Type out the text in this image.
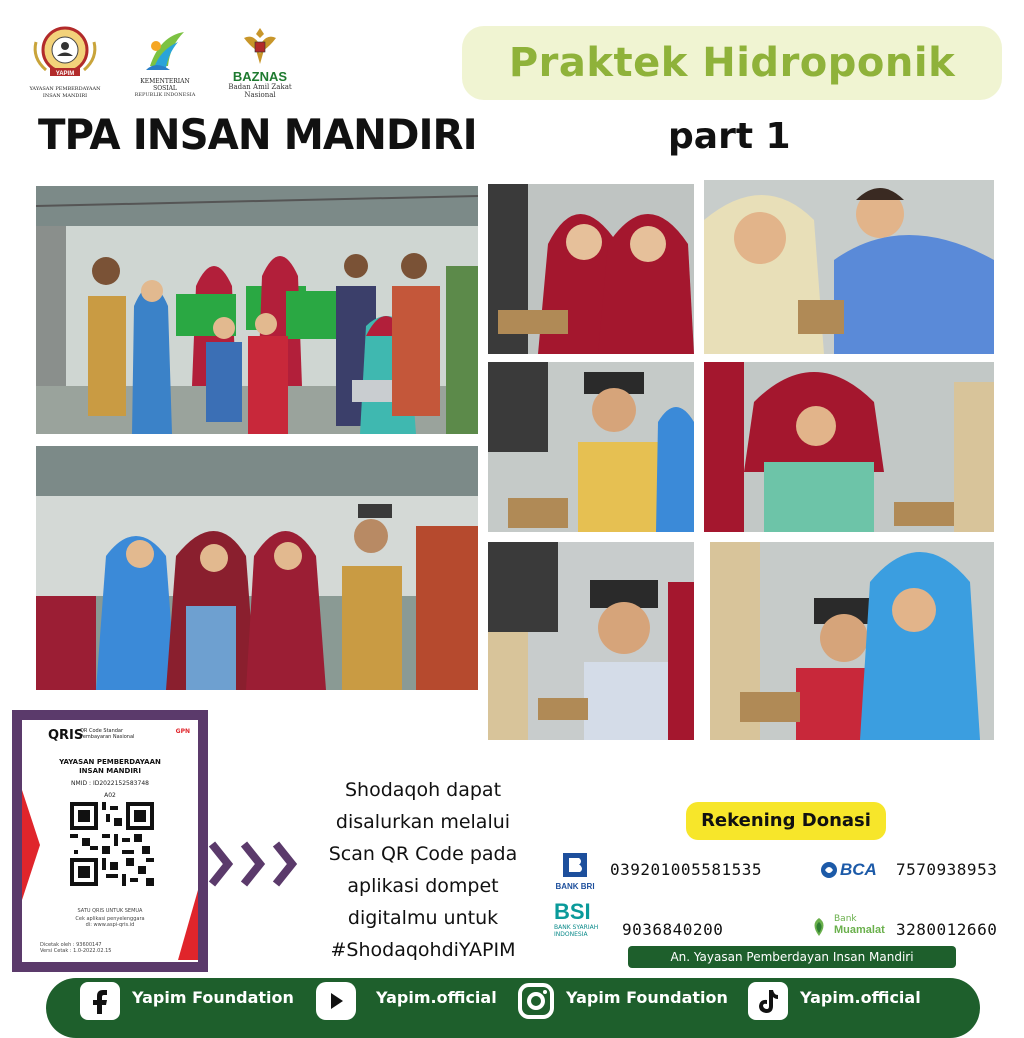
YAPIM
YAYASAN PEMBERDAYAAN INSAN MANDIRI
KEMENTERIAN SOSIAL
REPUBLIK INDONESIA
BAZNAS
Badan Amil Zakat Nasional
Praktek Hidroponik
TPA INSAN MANDIRI	part 1
QRIS
QR Code Standar Pembayaran Nasional
GPN
YAYASAN PEMBERDAYAAN
INSAN MANDIRI
NMID : ID2022152583748
A02
SATU QRIS UNTUK SEMUA
Cek aplikasi penyelenggara
di: www.aspi-qris.id
Dicetak oleh : 93600147
Versi Cetak : 1.0-2022.02.15
Shodaqoh dapat
disalurkan melalui
Scan QR Code pada
aplikasi dompet
digitalmu untuk
#ShodaqohdiYAPIM
Rekening Donasi
BANK BRI
039201005581535	BCA 7570938953
BSI
BANK SYARIAH INDONESIA	9036840200
Bank
Muamalat 3280012660
An. Yayasan Pemberdayan Insan Mandiri
Yapim Foundation	Yapim.official	Yapim Foundation	Yapim.official
